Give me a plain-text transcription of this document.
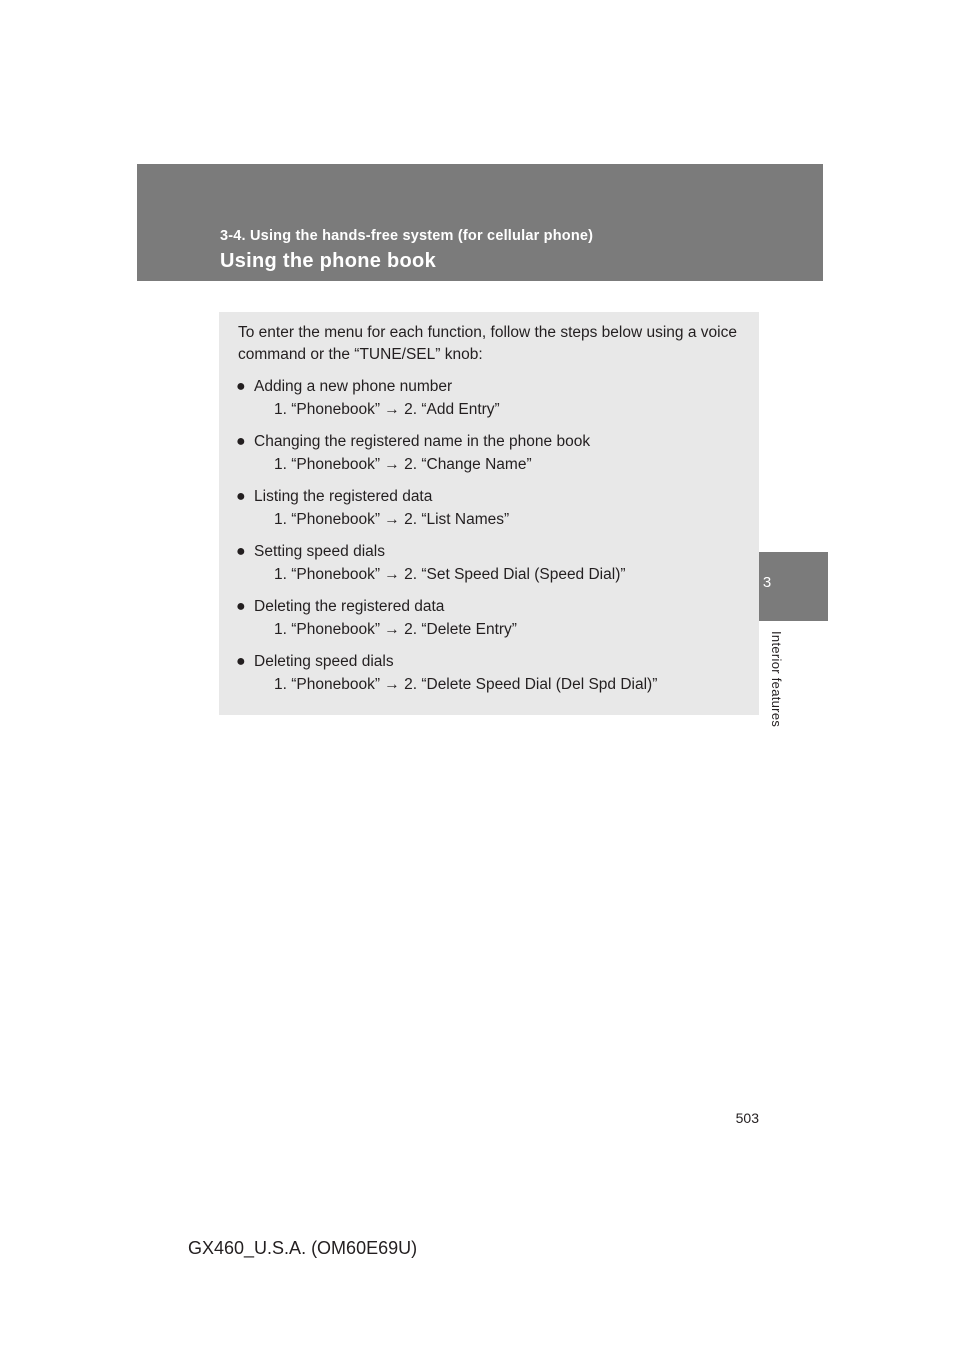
3-4. Using the hands-free system (for cellular phone)
Using the phone book
3
Interior features
To enter the menu for each function, follow the steps below using a voice command or the “TUNE/SEL” knob:
● Adding a new phone number
1. “Phonebook” → 2. “Add Entry”
● Changing the registered name in the phone book
1. “Phonebook” → 2. “Change Name”
● Listing the registered data
1. “Phonebook” → 2. “List Names”
● Setting speed dials
1. “Phonebook” → 2. “Set Speed Dial (Speed Dial)”
● Deleting the registered data
1. “Phonebook” → 2. “Delete Entry”
● Deleting speed dials
1. “Phonebook” → 2. “Delete Speed Dial (Del Spd Dial)”
503
GX460_U.S.A. (OM60E69U)
